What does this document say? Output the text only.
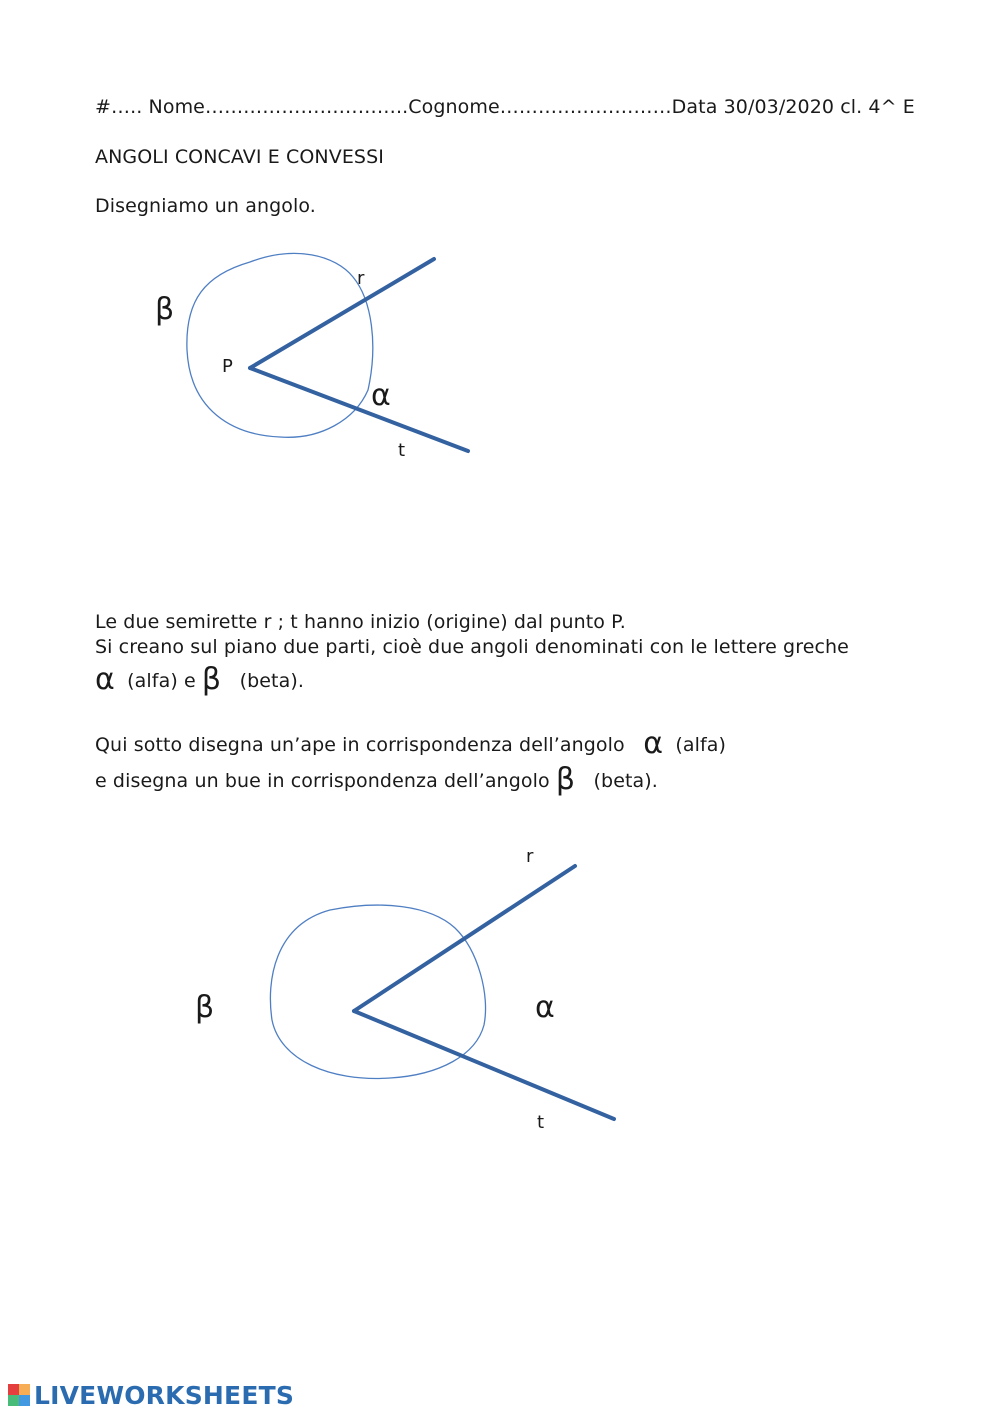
#….. Nome…………………………..Cognome………………………Data 30/03/2020 cl. 4^ E
ANGOLI CONCAVI E CONVESSI
Disegniamo un angolo.
β
r
P
α
t
Le due semirette r ; t hanno inizio (origine) dal punto P.
Si creano sul piano due parti, cioè due angoli denominati con le lettere greche
α (alfa) e β (beta).
Qui sotto disegna un’ape in corrispondenza dell’angolo α (alfa)
e disegna un bue in corrispondenza dell’angolo β (beta).
r
β	α
t
LIVEWORKSHEETS
